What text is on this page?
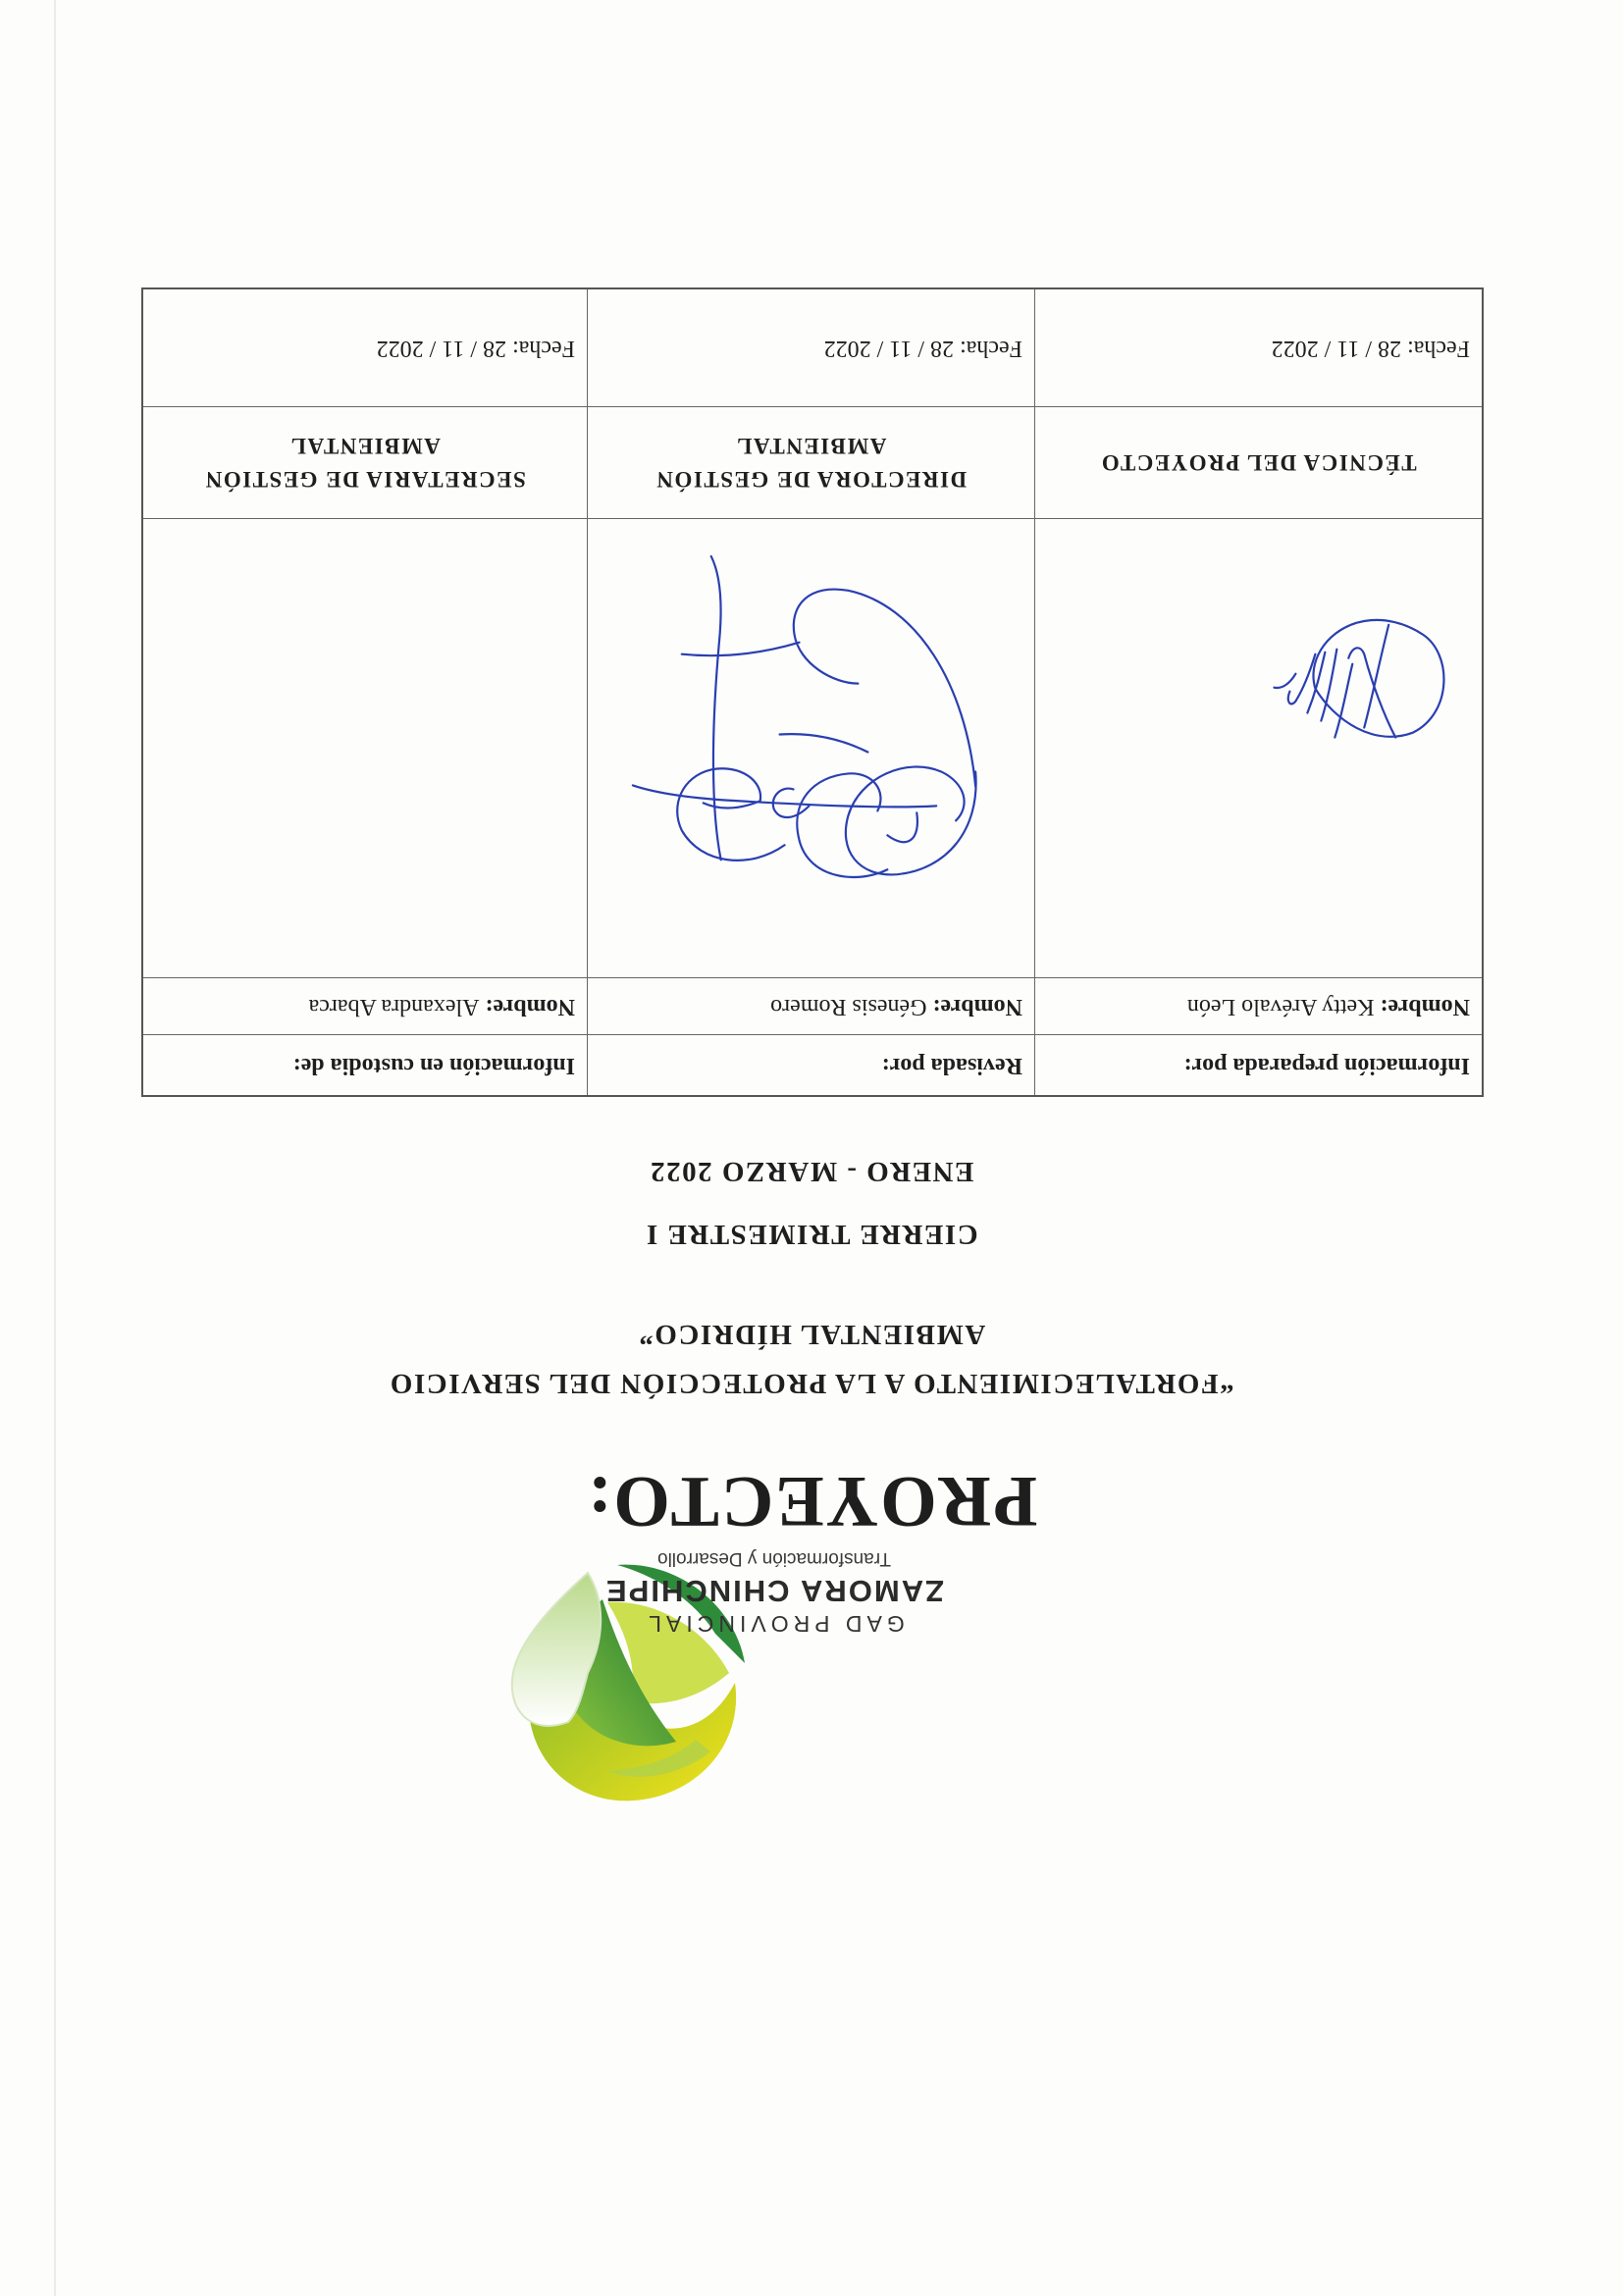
GAD PROVINCIAL
ZAMORA CHINCHIPE
Transformación y Desarrollo
PROYECTO:
“FORTALECIMIENTO A LA PROTECCIÓN DEL SERVICIO
AMBIENTAL HÍDRICO”
CIERRE TRIMESTRE I
ENERO - MARZO 2022
Información preparada por:
Revisada por:
Información en custodia de:
Nombre:

Ketty Arévalo León
Nombre:

Génesis Romero
Nombre:

Alexandra Abarca
TÉCNICA DEL PROYECTO
DIRECTORA DE GESTIÓN AMBIENTAL
SECRETARIA DE GESTIÓN AMBIENTAL
Fecha: 28 / 11 / 2022
Fecha: 28 / 11 / 2022
Fecha: 28 / 11 / 2022
